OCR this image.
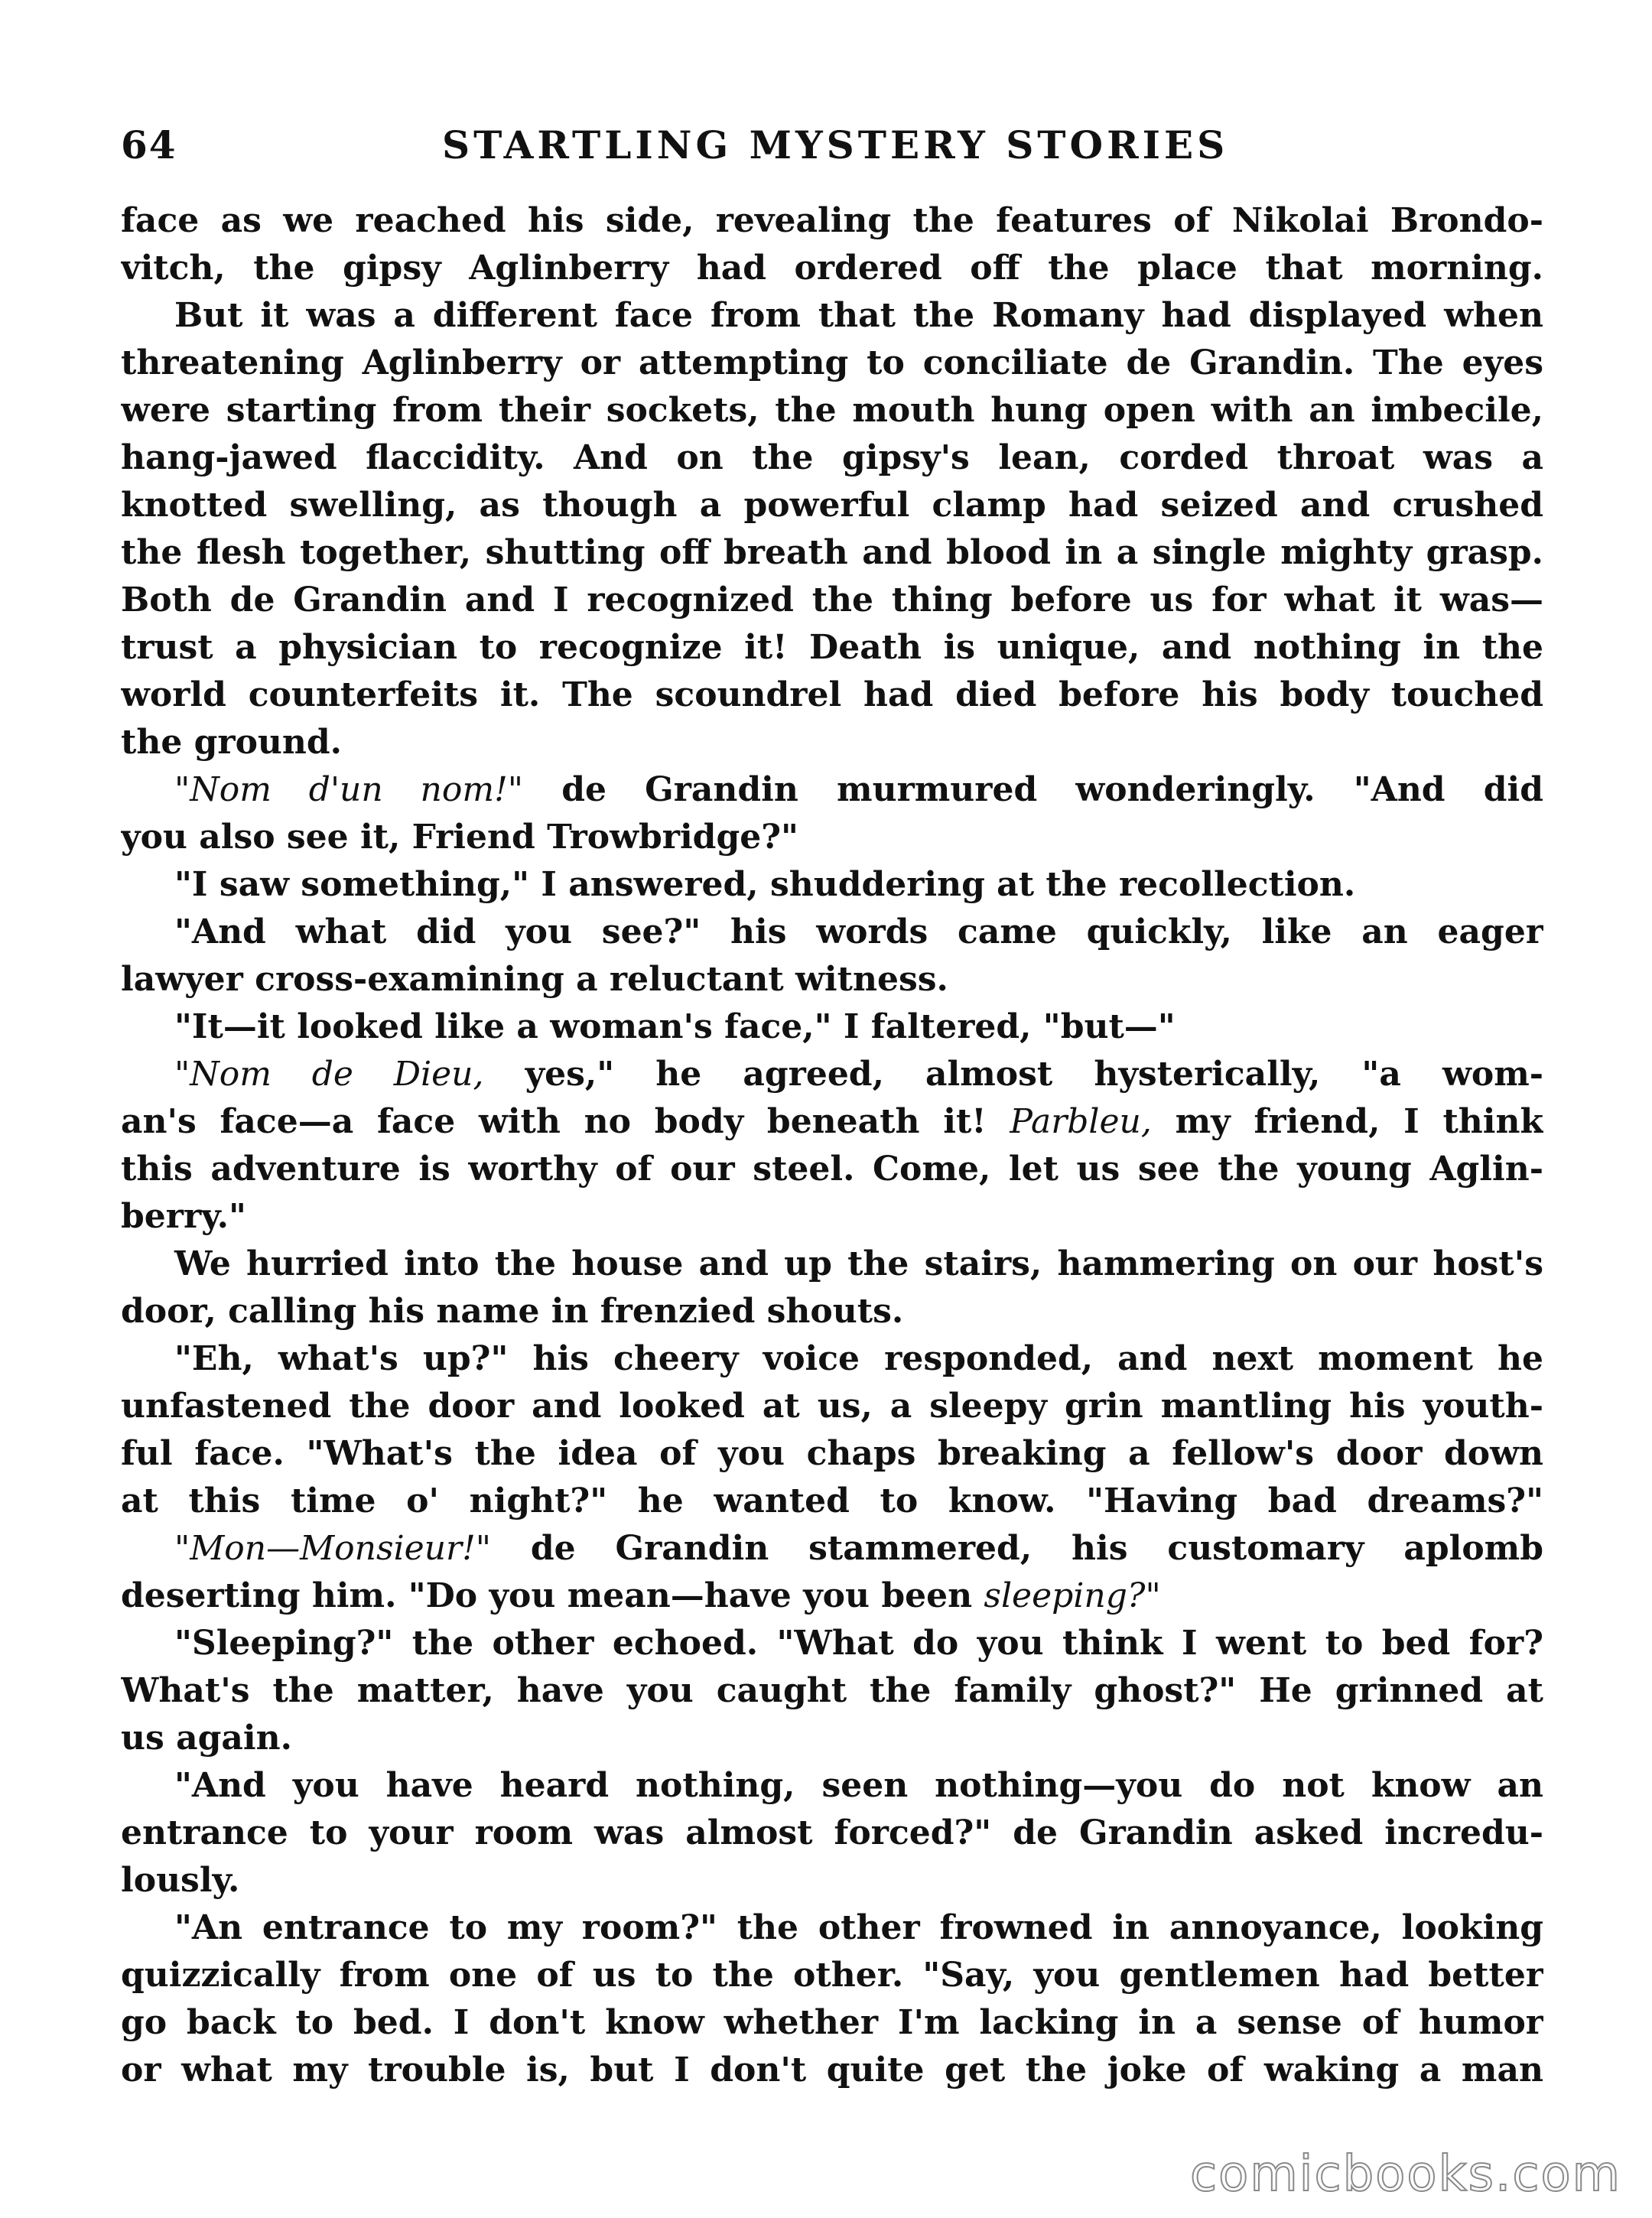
64	STARTLING MYSTERY STORIES
face as we reached his side, revealing the features of Nikolai Brondo-
vitch, the gipsy Aglinberry had ordered off the place that morning.
But it was a different face from that the Romany had displayed when
threatening Aglinberry or attempting to conciliate de Grandin. The eyes
were starting from their sockets, the mouth hung open with an imbecile,
hang-jawed flaccidity. And on the gipsy's lean, corded throat was a
knotted swelling, as though a powerful clamp had seized and crushed
the flesh together, shutting off breath and blood in a single mighty grasp.
Both de Grandin and I recognized the thing before us for what it was—
trust a physician to recognize it! Death is unique, and nothing in the
world counterfeits it. The scoundrel had died before his body touched
the ground.
"Nom d'un nom!" de Grandin murmured wonderingly. "And did
you also see it, Friend Trowbridge?"
"I saw something," I answered, shuddering at the recollection.
"And what did you see?" his words came quickly, like an eager
lawyer cross-examining a reluctant witness.
"It—it looked like a woman's face," I faltered, "but—"
"Nom de Dieu, yes," he agreed, almost hysterically, "a wom-
an's face—a face with no body beneath it! Parbleu, my friend, I think
this adventure is worthy of our steel. Come, let us see the young Aglin-
berry."
We hurried into the house and up the stairs, hammering on our host's
door, calling his name in frenzied shouts.
"Eh, what's up?" his cheery voice responded, and next moment he
unfastened the door and looked at us, a sleepy grin mantling his youth-
ful face. "What's the idea of you chaps breaking a fellow's door down
at this time o' night?" he wanted to know. "Having bad dreams?"
"Mon—Monsieur!" de Grandin stammered, his customary aplomb
deserting him. "Do you mean—have you been sleeping?"
"Sleeping?" the other echoed. "What do you think I went to bed for?
What's the matter, have you caught the family ghost?" He grinned at
us again.
"And you have heard nothing, seen nothing—you do not know an
entrance to your room was almost forced?" de Grandin asked incredu-
lously.
"An entrance to my room?" the other frowned in annoyance, looking
quizzically from one of us to the other. "Say, you gentlemen had better
go back to bed. I don't know whether I'm lacking in a sense of humor
or what my trouble is, but I don't quite get the joke of waking a man
comicbooks.com
